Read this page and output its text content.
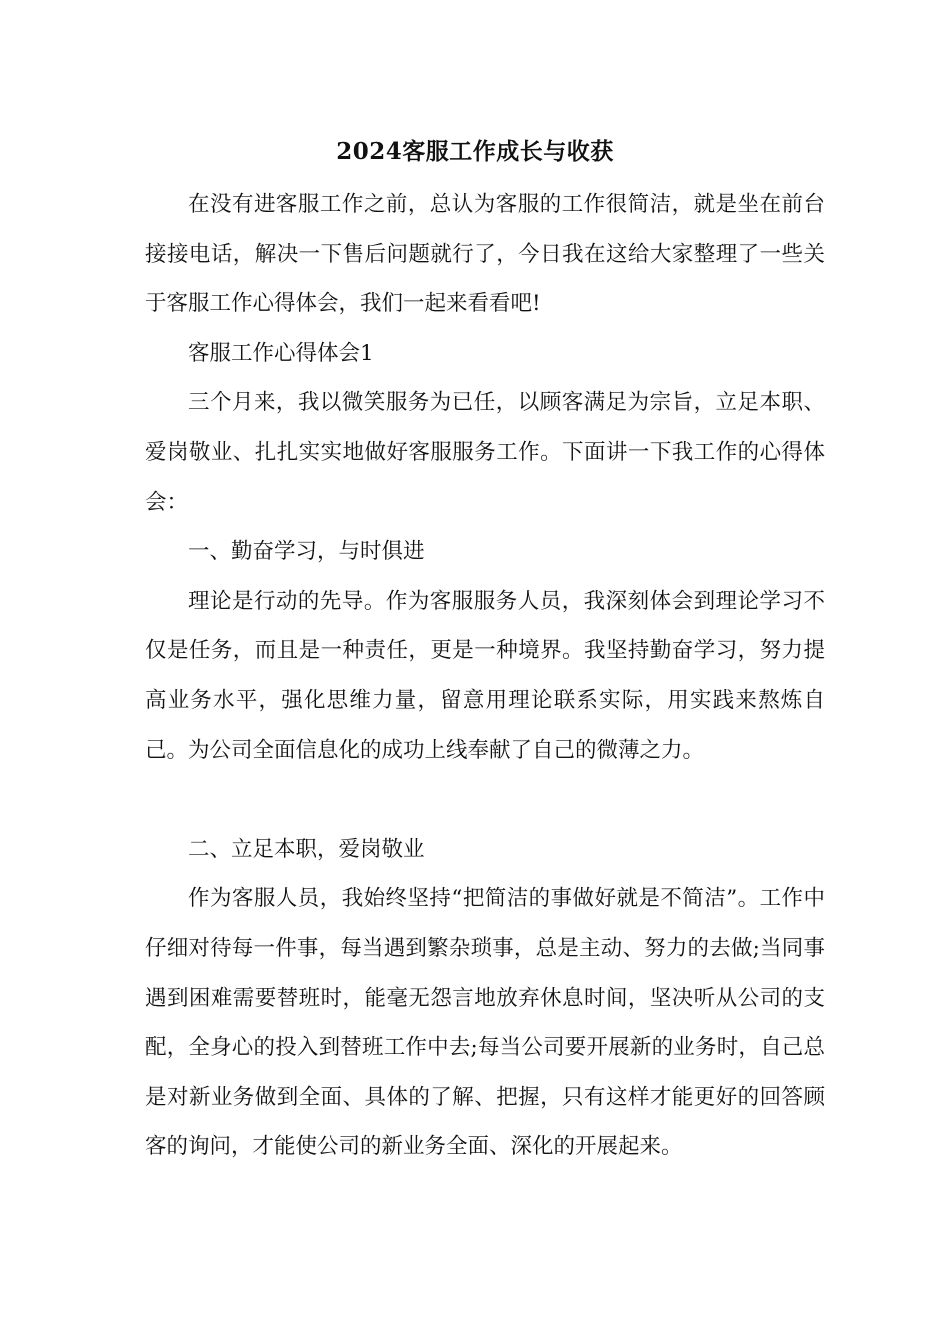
2024客服工作成长与收获

在没有进客服工作之前，总认为客服的工作很简洁，就是坐在前台接接电话，解决一下售后问题就行了，今日我在这给大家整理了一些关于客服工作心得体会，我们一起来看看吧!

客服工作心得体会1

三个月来，我以微笑服务为已任，以顾客满足为宗旨，立足本职、爱岗敬业、扎扎实实地做好客服服务工作。下面讲一下我工作的心得体会：

一、勤奋学习，与时俱进

理论是行动的先导。作为客服服务人员，我深刻体会到理论学习不仅是任务，而且是一种责任，更是一种境界。我坚持勤奋学习，努力提高业务水平，强化思维力量，留意用理论联系实际，用实践来熬炼自己。为公司全面信息化的成功上线奉献了自己的微薄之力。

二、立足本职，爱岗敬业

作为客服人员，我始终坚持“把简洁的事做好就是不简洁”。工作中仔细对待每一件事，每当遇到繁杂琐事，总是主动、努力的去做;当同事遇到困难需要替班时，能毫无怨言地放弃休息时间，坚决听从公司的支配，全身心的投入到替班工作中去;每当公司要开展新的业务时，自己总是对新业务做到全面、具体的了解、把握，只有这样才能更好的回答顾客的询问，才能使公司的新业务全面、深化的开展起来。
